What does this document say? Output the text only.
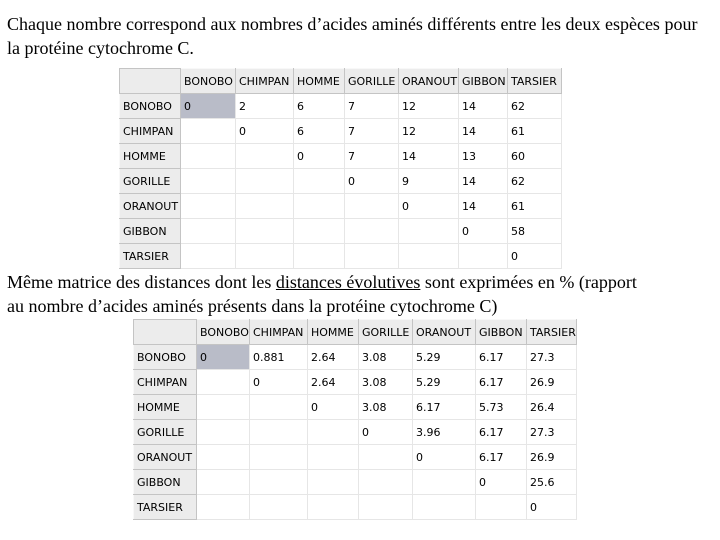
Chaque nombre correspond aux nombres d’acides aminés différents entre les deux espèces pour la protéine cytochrome C.

	BONOBO	CHIMPAN	HOMME	GORILLE	ORANOUT	GIBBON	TARSIER
BONOBO	0	2	6	7	12	14	62
CHIMPAN		0	6	7	12	14	61
HOMME			0	7	14	13	60
GORILLE				0	9	14	62
ORANOUT					0	14	61
GIBBON						0	58
TARSIER							0

Même matrice des distances dont les distances évolutives sont exprimées en % (rapport
au nombre d’acides aminés présents dans la protéine cytochrome C)

	BONOBO	CHIMPAN	HOMME	GORILLE	ORANOUT	GIBBON	TARSIER
BONOBO	0	0.881	2.64	3.08	5.29	6.17	27.3
CHIMPAN		0	2.64	3.08	5.29	6.17	26.9
HOMME			0	3.08	6.17	5.73	26.4
GORILLE				0	3.96	6.17	27.3
ORANOUT					0	6.17	26.9
GIBBON						0	25.6
TARSIER							0
